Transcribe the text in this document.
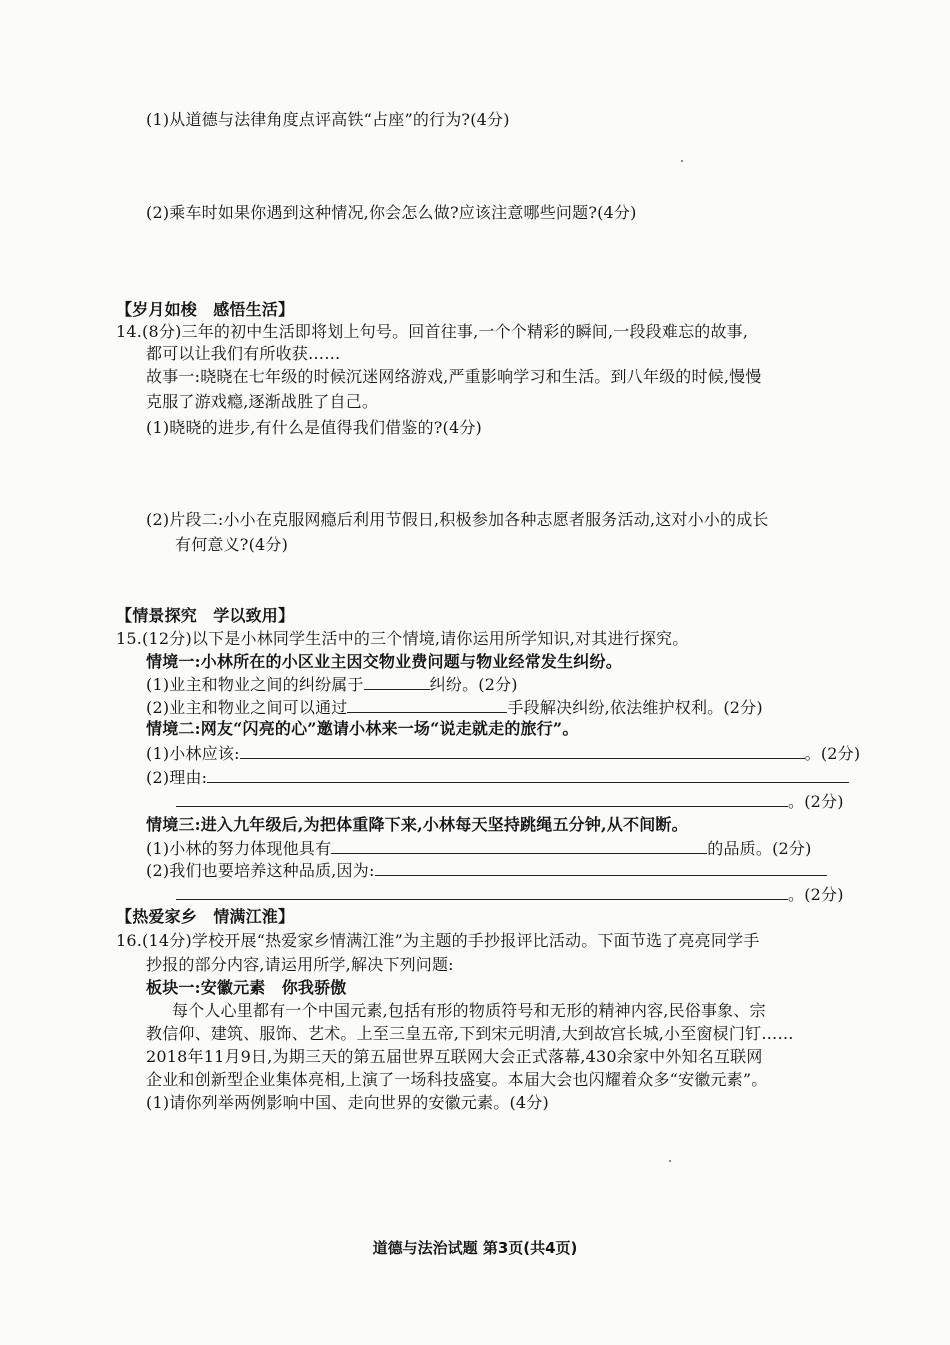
(1)从道德与法律角度点评高铁“占座”的行为?(4分)
(2)乘车时如果你遇到这种情况,你会怎么做?应该注意哪些问题?(4分)
【岁月如梭　感悟生活】
14.(8分)三年的初中生活即将划上句号。回首往事,一个个精彩的瞬间,一段段难忘的故事,
都可以让我们有所收获……
故事一:晓晓在七年级的时候沉迷网络游戏,严重影响学习和生活。到八年级的时候,慢慢
克服了游戏瘾,逐渐战胜了自己。
(1)晓晓的进步,有什么是值得我们借鉴的?(4分)
(2)片段二:小小在克服网瘾后利用节假日,积极参加各种志愿者服务活动,这对小小的成长
有何意义?(4分)
【情景探究　学以致用】
15.(12分)以下是小林同学生活中的三个情境,请你运用所学知识,对其进行探究。
情境一:小林所在的小区业主因交物业费问题与物业经常发生纠纷。
(1)业主和物业之间的纠纷属于	纠纷。(2分)
(2)业主和物业之间可以通过	手段解决纠纷,依法维护权利。(2分)
情境二:网友“闪亮的心”邀请小林来一场“说走就走的旅行”。
(1)小林应该:	。(2分)
(2)理由:
。(2分)
情境三:进入九年级后,为把体重降下来,小林每天坚持跳绳五分钟,从不间断。
(1)小林的努力体现他具有	的品质。(2分)
(2)我们也要培养这种品质,因为:
。(2分)
【热爱家乡　情满江淮】
16.(14分)学校开展“热爱家乡情满江淮”为主题的手抄报评比活动。下面节选了亮亮同学手
抄报的部分内容,请运用所学,解决下列问题:
板块一:安徽元素　你我骄傲
每个人心里都有一个中国元素,包括有形的物质符号和无形的精神内容,民俗事象、宗
教信仰、建筑、服饰、艺术。上至三皇五帝,下到宋元明清,大到故宫长城,小至窗棂门钉……
2018年11月9日,为期三天的第五届世界互联网大会正式落幕,430余家中外知名互联网
企业和创新型企业集体亮相,上演了一场科技盛宴。本届大会也闪耀着众多“安徽元素”。
(1)请你列举两例影响中国、走向世界的安徽元素。(4分)
道德与法治试题 第3页(共4页)
